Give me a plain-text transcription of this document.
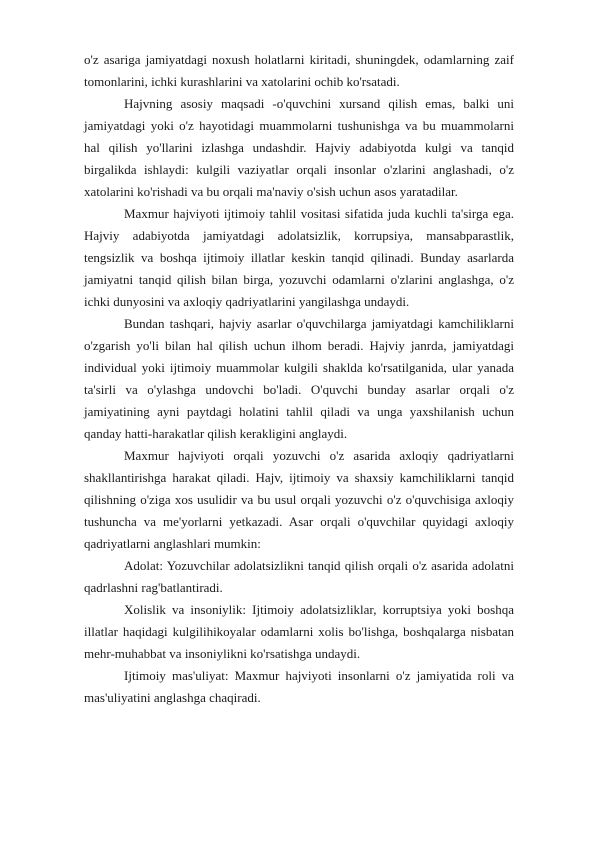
o'z asariga jamiyatdagi noxush holatlarni kiritadi, shuningdek, odamlarning zaif tomonlarini, ichki kurashlarini va xatolarini ochib ko'rsatadi.

Hajvning asosiy maqsadi -o'quvchini xursand qilish emas, balki uni jamiyatdagi yoki o'z hayotidagi muammolarni tushunishga va bu muammolarni hal qilish yo'llarini izlashga undashdir. Hajviy adabiyotda kulgi va tanqid birgalikda ishlaydi: kulgili vaziyatlar orqali insonlar o'zlarini anglashadi, o'z xatolarini ko'rishadi va bu orqali ma'naviy o'sish uchun asos yaratadilar.

Maxmur hajviyoti ijtimoiy tahlil vositasi sifatida juda kuchli ta'sirga ega. Hajviy adabiyotda jamiyatdagi adolatsizlik, korrupsiya, mansabparastlik, tengsizlik va boshqa ijtimoiy illatlar keskin tanqid qilinadi. Bunday asarlarda jamiyatni tanqid qilish bilan birga, yozuvchi odamlarni o'zlarini anglashga, o'z ichki dunyosini va axloqiy qadriyatlarini yangilashga undaydi.

Bundan tashqari, hajviy asarlar o'quvchilarga jamiyatdagi kamchiliklarni o'zgarish yo'li bilan hal qilish uchun ilhom beradi. Hajviy janrda, jamiyatdagi individual yoki ijtimoiy muammolar kulgili shaklda ko'rsatilganida, ular yanada ta'sirli va o'ylashga undovchi bo'ladi. O'quvchi bunday asarlar orqali o'z jamiyatining ayni paytdagi holatini tahlil qiladi va unga yaxshilanish uchun qanday hatti-harakatlar qilish kerakligini anglaydi.

Maxmur hajviyoti orqali yozuvchi o'z asarida axloqiy qadriyatlarni shakllantirishga harakat qiladi. Hajv, ijtimoiy va shaxsiy kamchiliklarni tanqid qilishning o'ziga xos usulidir va bu usul orqali yozuvchi o'z o'quvchisiga axloqiy tushuncha va me'yorlarni yetkazadi. Asar orqali o'quvchilar quyidagi axloqiy qadriyatlarni anglashlari mumkin:

Adolat: Yozuvchilar adolatsizlikni tanqid qilish orqali o'z asarida adolatni qadrlashni rag'batlantiradi.

Xolislik va insoniylik: Ijtimoiy adolatsizliklar, korruptsiya yoki boshqa illatlar haqidagi kulgilihikoyalar odamlarni xolis bo'lishga, boshqalarga nisbatan mehr-muhabbat va insoniylikni ko'rsatishga undaydi.

Ijtimoiy mas'uliyat: Maxmur hajviyoti insonlarni o'z jamiyatida roli va mas'uliyatini anglashga chaqiradi.
